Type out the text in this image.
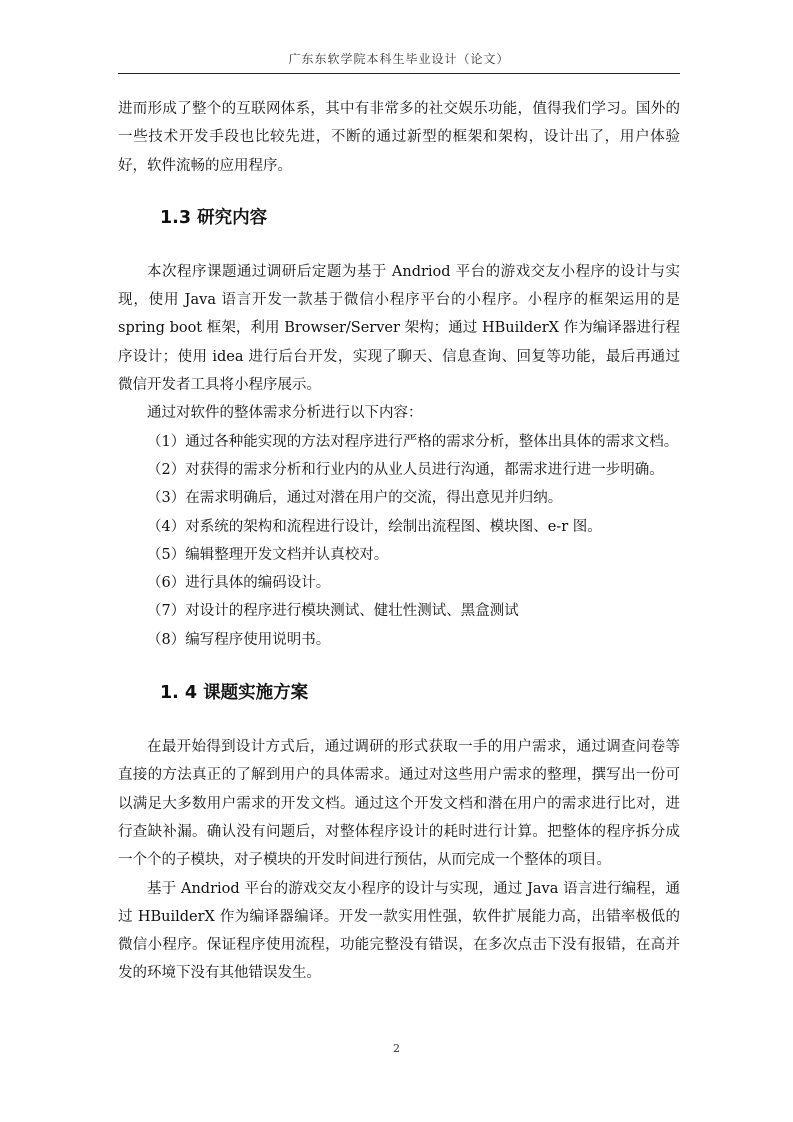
广东东软学院本科生毕业设计（论文）

进而形成了整个的互联网体系，其中有非常多的社交娱乐功能，值得我们学习。国外的一些技术开发手段也比较先进，不断的通过新型的框架和架构，设计出了，用户体验好，软件流畅的应用程序。

1.3 研究内容

本次程序课题通过调研后定题为基于 Andriod 平台的游戏交友小程序的设计与实现，使用 Java 语言开发一款基于微信小程序平台的小程序。小程序的框架运用的是 spring boot 框架，利用 Browser/Server 架构；通过 HBuilderX 作为编译器进行程序设计；使用 idea 进行后台开发，实现了聊天、信息查询、回复等功能，最后再通过微信开发者工具将小程序展示。

通过对软件的整体需求分析进行以下内容：

（1）通过各种能实现的方法对程序进行严格的需求分析，整体出具体的需求文档。

（2）对获得的需求分析和行业内的从业人员进行沟通，都需求进行进一步明确。

（3）在需求明确后，通过对潜在用户的交流，得出意见并归纳。

（4）对系统的架构和流程进行设计，绘制出流程图、模块图、e-r 图。

（5）编辑整理开发文档并认真校对。

（6）进行具体的编码设计。

（7）对设计的程序进行模块测试、健壮性测试、黑盒测试

（8）编写程序使用说明书。

1. 4 课题实施方案

在最开始得到设计方式后，通过调研的形式获取一手的用户需求，通过调查问卷等直接的方法真正的了解到用户的具体需求。通过对这些用户需求的整理，撰写出一份可以满足大多数用户需求的开发文档。通过这个开发文档和潜在用户的需求进行比对，进行查缺补漏。确认没有问题后，对整体程序设计的耗时进行计算。把整体的程序拆分成一个个的子模块，对子模块的开发时间进行预估，从而完成一个整体的项目。

基于 Andriod 平台的游戏交友小程序的设计与实现，通过 Java 语言进行编程，通过 HBuilderX 作为编译器编译。开发一款实用性强，软件扩展能力高，出错率极低的微信小程序。保证程序使用流程，功能完整没有错误，在多次点击下没有报错，在高并发的环境下没有其他错误发生。

2
